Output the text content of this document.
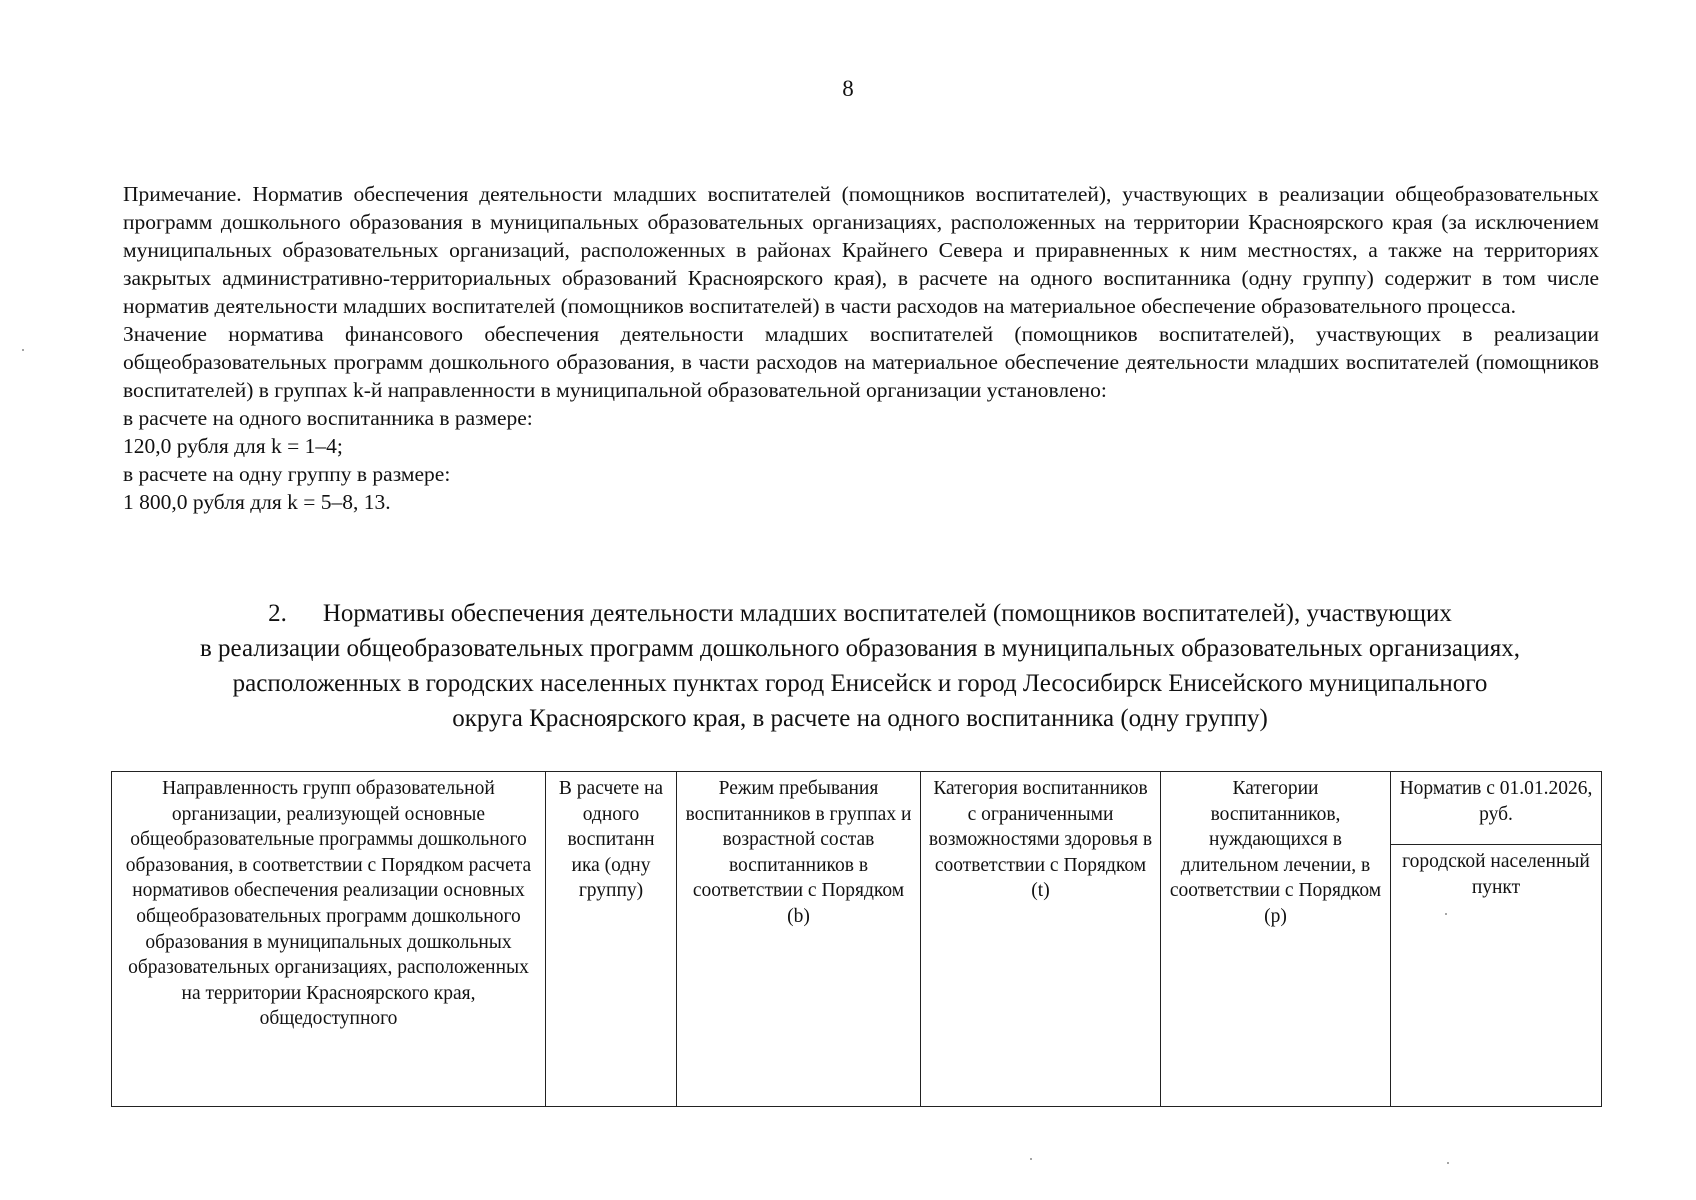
8

Примечание. Норматив обеспечения деятельности младших воспитателей (помощников воспитателей), участвующих в реализации общеобразовательных программ дошкольного образования в муниципальных образовательных организациях, расположенных на территории Красноярского края (за исключением муниципальных образовательных организаций, расположенных в районах Крайнего Севера и приравненных к ним местностях, а также на территориях закрытых административно-территориальных образований Красноярского края), в расчете на одного воспитанника (одну группу) содержит в том числе норматив деятельности младших воспитателей (помощников воспитателей) в части расходов на материальное обеспечение образовательного процесса.

Значение норматива финансового обеспечения деятельности младших воспитателей (помощников воспитателей), участвующих в реализации общеобразовательных программ дошкольного образования, в части расходов на материальное обеспечение деятельности младших воспитателей (помощников воспитателей) в группах k-й направленности в муниципальной образовательной организации установлено:

в расчете на одного воспитанника в размере:

120,0 рубля для k = 1–4;

в расчете на одну группу в размере:

1 800,0 рубля для k = 5–8, 13.

2. Нормативы обеспечения деятельности младших воспитателей (помощников воспитателей), участвующих
в реализации общеобразовательных программ дошкольного образования в муниципальных образовательных организациях,
расположенных в городских населенных пунктах город Енисейск и город Лесосибирск Енисейского муниципального
округа Красноярского края, в расчете на одного воспитанника (одну группу)
Направленность групп образовательной организации, реализующей основные общеобразовательные программы дошкольного образования, в соответствии с Порядком расчета нормативов обеспечения реализации основных общеобразовательных программ дошкольного образования в муниципальных дошкольных образовательных организациях, расположенных на территории Красноярского края, общедоступного	В расчете на одного воспитанн ика (одну группу)	Режим пребывания воспитанников в группах и возрастной состав воспитанников в соответствии с Порядком (b)	Категория воспитанников с ограниченными возможностями здоровья в соответствии с Порядком (t)	Категории воспитанников, нуждающихся в длительном лечении, в соответствии с Порядком (p)	Норматив с 01.01.2026, руб.
городской населенный пункт
